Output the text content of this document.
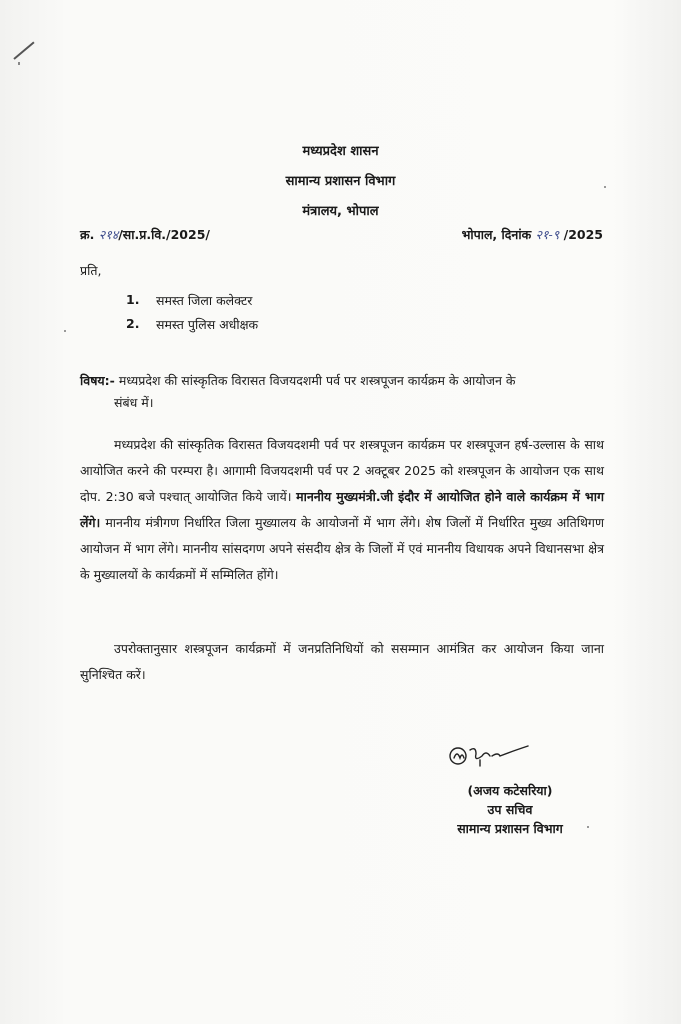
मध्यप्रदेश शासन
सामान्य प्रशासन विभाग
मंत्रालय, भोपाल
क्र. २१४/सा.प्र.वि./2025/	भोपाल, दिनांक २१-९ /2025
प्रति,
1.	समस्त जिला कलेक्टर
2.	समस्त पुलिस अधीक्षक
विषय:- मध्यप्रदेश की सांस्कृतिक विरासत विजयदशमी पर्व पर शस्त्रपूजन कार्यक्रम के आयोजन के
संबंध में।
मध्यप्रदेश की सांस्कृतिक विरासत विजयदशमी पर्व पर शस्त्रपूजन कार्यक्रम पर शस्त्रपूजन हर्ष-उल्लास के साथ आयोजित करने की परम्परा है। आगामी विजयदशमी पर्व पर 2 अक्टूबर 2025 को शस्त्रपूजन के आयोजन एक साथ दोप. 2:30 बजे पश्चात् आयोजित किये जायें। माननीय मुख्यमंत्री.जी इंदौर में आयोजित होने वाले कार्यक्रम में भाग लेंगे। माननीय मंत्रीगण निर्धारित जिला मुख्यालय के आयोजनों में भाग लेंगे। शेष जिलों में निर्धारित मुख्य अतिथिगण आयोजन में भाग लेंगे। माननीय सांसदगण अपने संसदीय क्षेत्र के जिलों में एवं माननीय विधायक अपने विधानसभा क्षेत्र के मुख्यालयों के कार्यक्रमों में सम्मिलित होंगे।
उपरोक्तानुसार शस्त्रपूजन कार्यक्रमों में जनप्रतिनिधियों को ससम्मान आमंत्रित कर आयोजन किया जाना सुनिश्चित करें।
(अजय कटेसरिया)
उप सचिव
सामान्य प्रशासन विभाग
